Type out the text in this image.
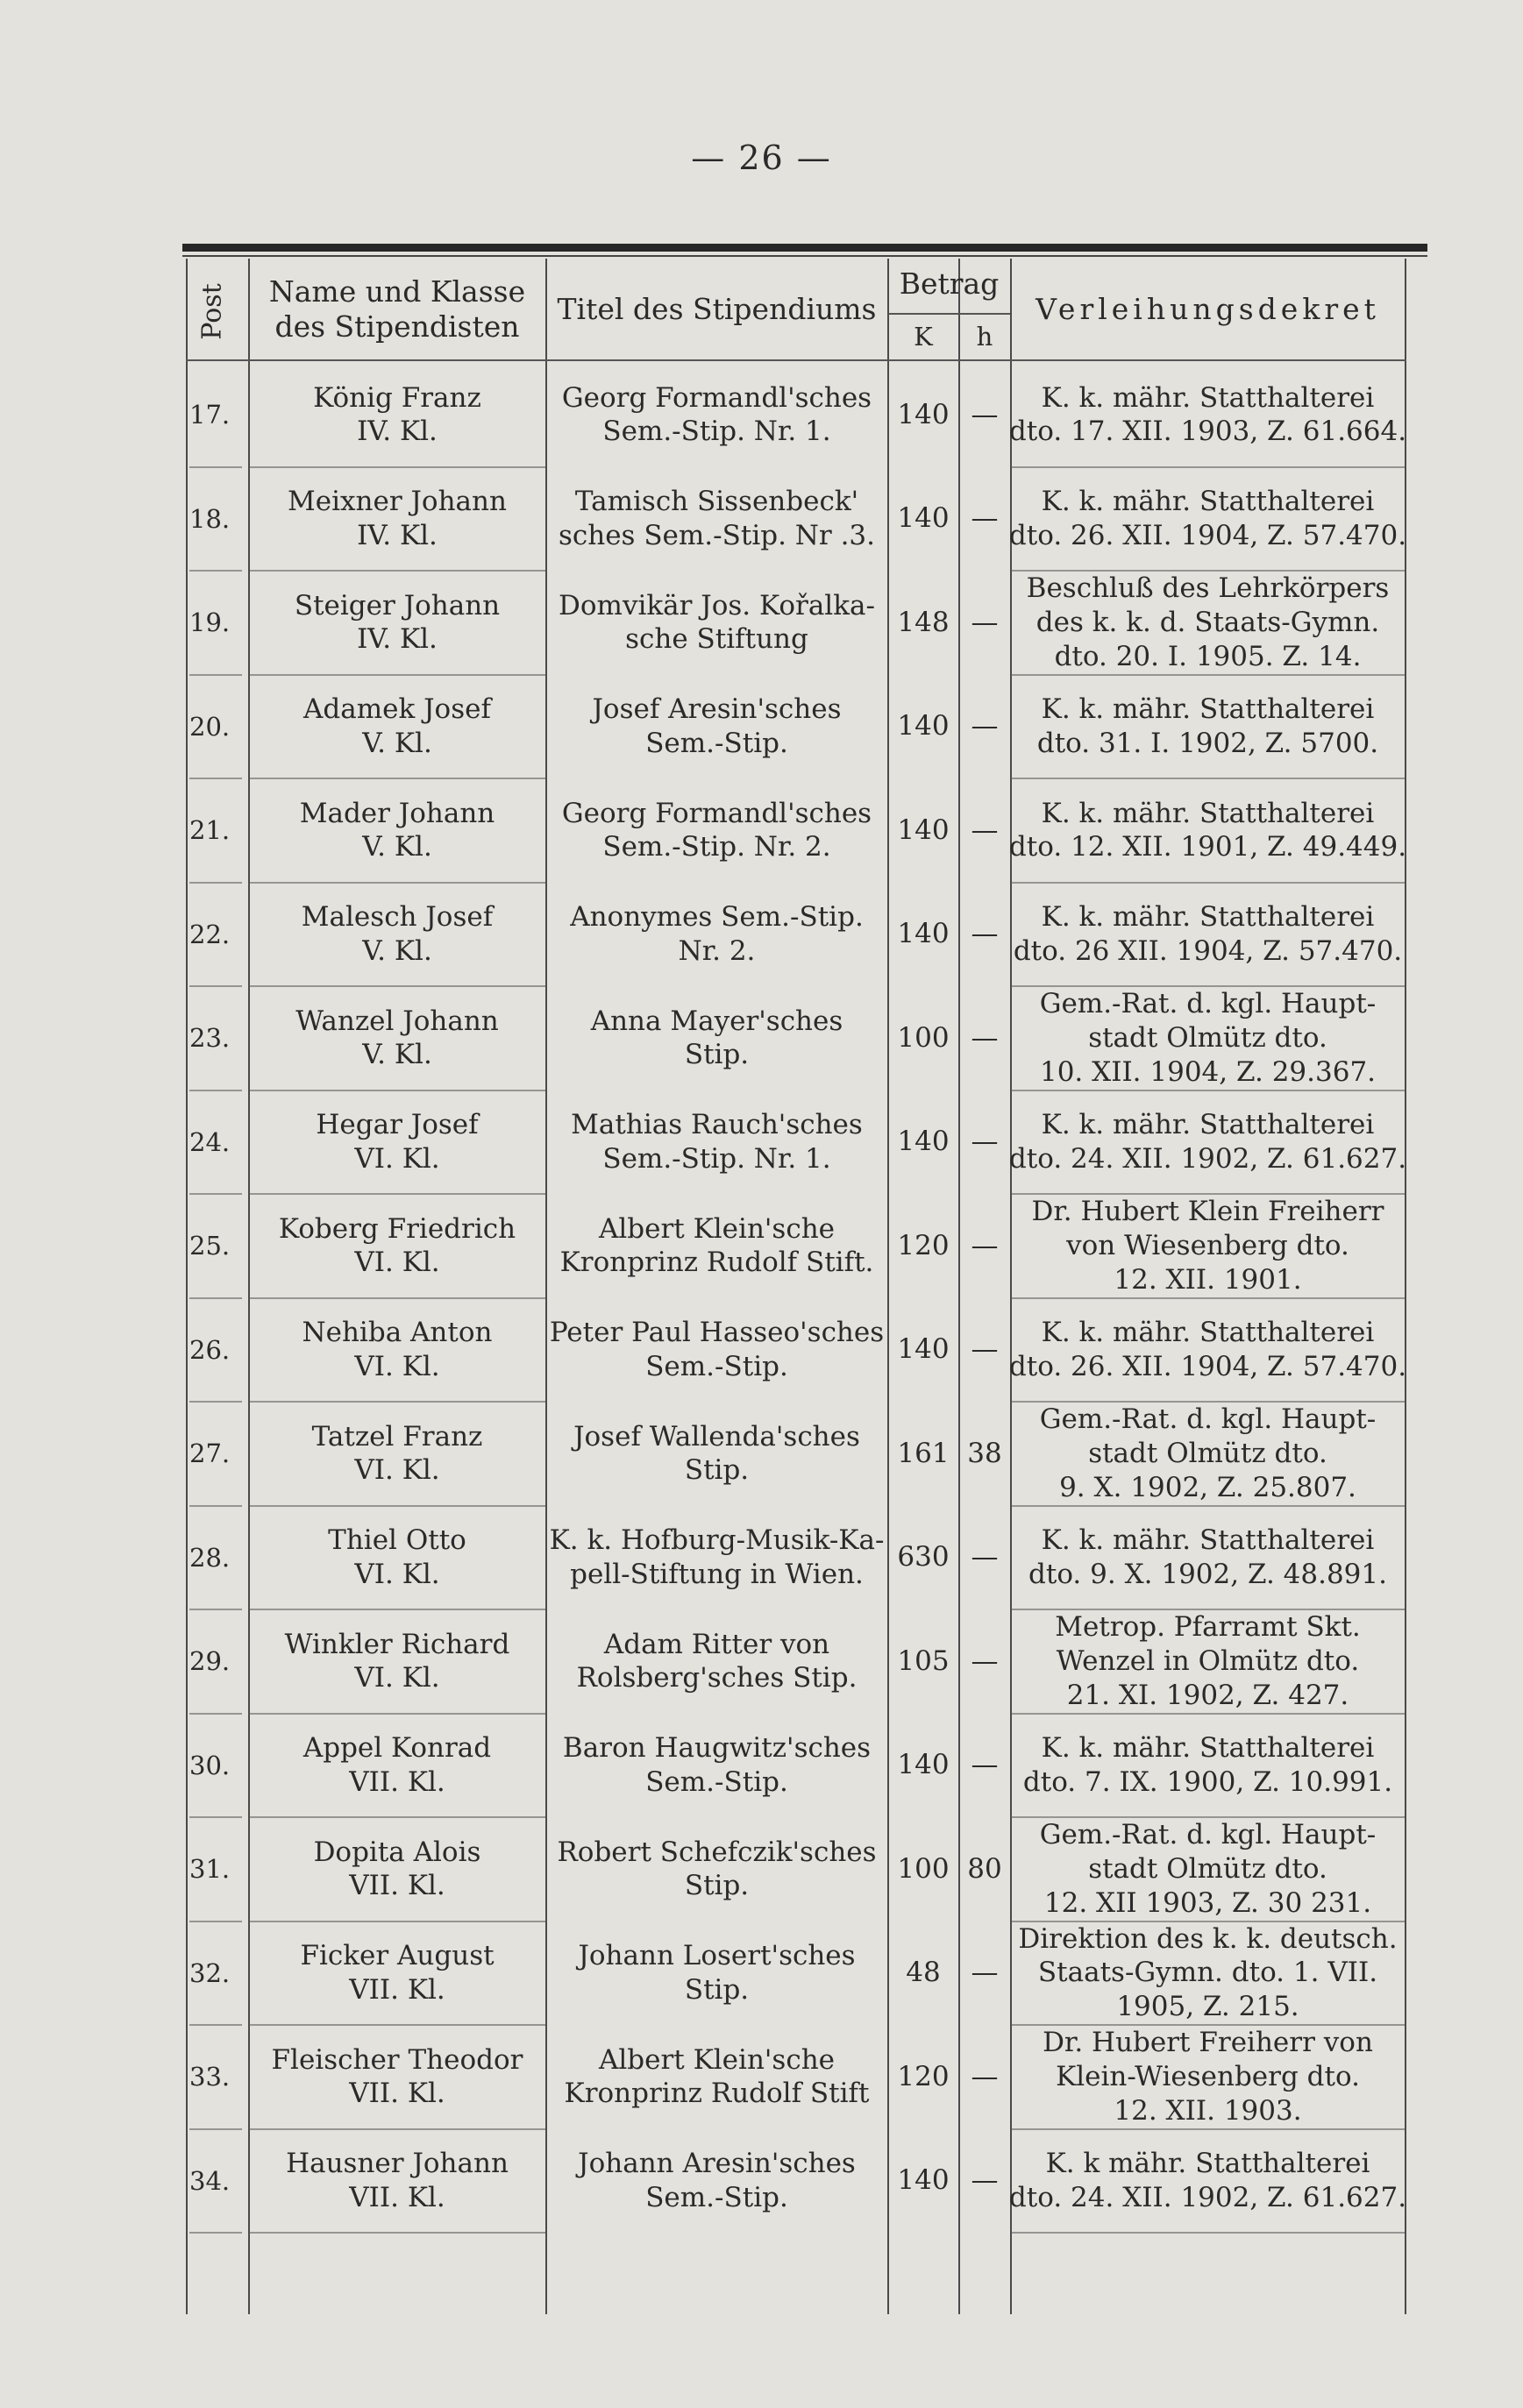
— 26 —
Post Name und Klasse
des Stipendisten
Titel des Stipendiums
Betrag
K h
Verleihungsdekret
17.
König Franz
IV. Kl.
Georg Formandl'sches
Sem.-Stip. Nr. 1.
140 —
K. k. mähr. Statthalterei
dto. 17. XII. 1903, Z. 61.664.
18.
Meixner Johann
IV. Kl.
Tamisch Sissenbeck'
sches Sem.-Stip. Nr .3.
140 —
K. k. mähr. Statthalterei
dto. 26. XII. 1904, Z. 57.470.
19.
Steiger Johann
IV. Kl.
Domvikär Jos. Kořalka-
sche Stiftung
148 —
Beschluß des Lehrkörpers
des k. k. d. Staats-Gymn.
dto. 20. I. 1905. Z. 14.
20.
Adamek Josef
V. Kl.
Josef Aresin'sches
Sem.-Stip.
140 —
K. k. mähr. Statthalterei
dto. 31. I. 1902, Z. 5700.
21.
Mader Johann
V. Kl.
Georg Formandl'sches
Sem.-Stip. Nr. 2.
140 —
K. k. mähr. Statthalterei
dto. 12. XII. 1901, Z. 49.449.
22.
Malesch Josef
V. Kl.
Anonymes Sem.-Stip.
Nr. 2.
140 —
K. k. mähr. Statthalterei
dto. 26 XII. 1904, Z. 57.470.
23.
Wanzel Johann
V. Kl.
Anna Mayer'sches
Stip.
100 —
Gem.-Rat. d. kgl. Haupt-
stadt Olmütz dto.
10. XII. 1904, Z. 29.367.
24.
Hegar Josef
VI. Kl.
Mathias Rauch'sches
Sem.-Stip. Nr. 1.
140 —
K. k. mähr. Statthalterei
dto. 24. XII. 1902, Z. 61.627.
25.
Koberg Friedrich
VI. Kl.
Albert Klein'sche
Kronprinz Rudolf Stift.
120 —
Dr. Hubert Klein Freiherr
von Wiesenberg dto.
12. XII. 1901.
26.
Nehiba Anton
VI. Kl.
Peter Paul Hasseo'sches
Sem.-Stip.
140 —
K. k. mähr. Statthalterei
dto. 26. XII. 1904, Z. 57.470.
27.
Tatzel Franz
VI. Kl.
Josef Wallenda'sches
Stip.
161 38
Gem.-Rat. d. kgl. Haupt-
stadt Olmütz dto.
9. X. 1902, Z. 25.807.
28.
Thiel Otto
VI. Kl.
K. k. Hofburg-Musik-Ka-
pell-Stiftung in Wien.
630 —
K. k. mähr. Statthalterei
dto. 9. X. 1902, Z. 48.891.
29.
Winkler Richard
VI. Kl.
Adam Ritter von
Rolsberg'sches Stip.
105 —
Metrop. Pfarramt Skt.
Wenzel in Olmütz dto.
21. XI. 1902, Z. 427.
30.
Appel Konrad
VII. Kl.
Baron Haugwitz'sches
Sem.-Stip.
140 —
K. k. mähr. Statthalterei
dto. 7. IX. 1900, Z. 10.991.
31.
Dopita Alois
VII. Kl.
Robert Schefczik'sches
Stip.
100 80
Gem.-Rat. d. kgl. Haupt-
stadt Olmütz dto.
12. XII 1903, Z. 30 231.
32.
Ficker August
VII. Kl.
Johann Losert'sches
Stip.
48 —
Direktion des k. k. deutsch.
Staats-Gymn. dto. 1. VII.
1905, Z. 215.
33.
Fleischer Theodor
VII. Kl.
Albert Klein'sche
Kronprinz Rudolf Stift
120 —
Dr. Hubert Freiherr von
Klein-Wiesenberg dto.
12. XII. 1903.
34.
Hausner Johann
VII. Kl.
Johann Aresin'sches
Sem.-Stip.
140 —
K. k mähr. Statthalterei
dto. 24. XII. 1902, Z. 61.627.
